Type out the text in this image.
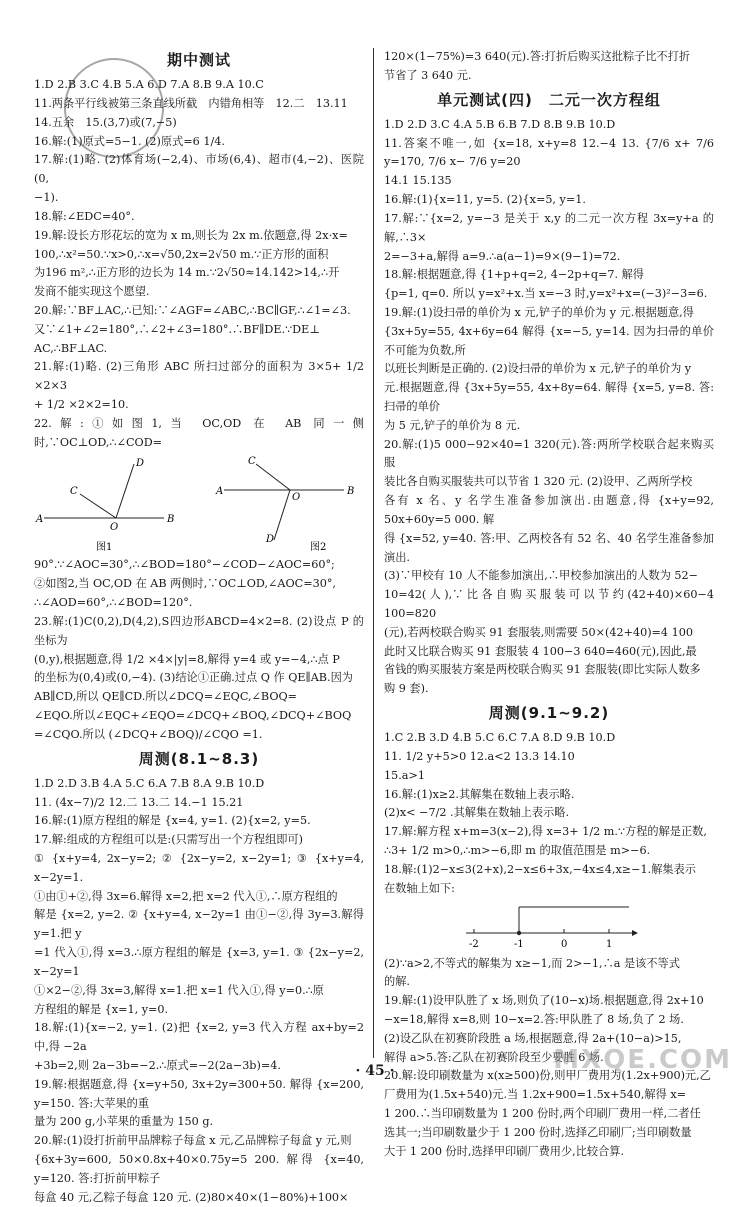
期中测试

1.D 2.B 3.C 4.B 5.A 6.D 7.A 8.B 9.A 10.C

11.两条平行线被第三条直线所截　内错角相等　12.二　13.11

14.五余　15.(3,7)或(7,−5)

16.解:(1)原式=5−1. (2)原式=6 1/4.

17.解:(1)略. (2)体育场(−2,4)、市场(6,4)、超市(4,−2)、医院(0,

−1).

18.解:∠EDC=40°.

19.解:设长方形花坛的宽为 x m,则长为 2x m.依题意,得 2x·x=

100,∴x²=50.∵x>0,∴x=√50,2x=2√50 m.∵正方形的面积

为196 m²,∴正方形的边长为 14 m.∵2√50≈14.142>14,∴开

发商不能实现这个愿望.

20.解:∵BF⊥AC,∴已知:∵∠AGF=∠ABC,∴BC∥GF,∴∠1=∠3.

又∵∠1+∠2=180°,∴∠2+∠3=180°.∴BF∥DE.∵DE⊥

AC,∴BF⊥AC.

21.解:(1)略. (2)三角形 ABC 所扫过部分的面积为 3×5+ 1/2 ×2×3

+ 1/2 ×2×2=10.

22.解:①如图1,当 OC,OD 在 AB 同一侧时,∵OC⊥OD,∴∠COD=

C
D
A
O
B
图1
C
A
O
B
D
图2

90°.∵∠AOC=30°,∴∠BOD=180°−∠COD−∠AOC=60°;

②如图2,当 OC,OD 在 AB 两侧时,∵OC⊥OD,∠AOC=30°,

∴∠AOD=60°,∴∠BOD=120°.

23.解:(1)C(0,2),D(4,2),S四边形ABCD=4×2=8. (2)设点 P 的坐标为

(0,y),根据题意,得 1/2 ×4×|y|=8,解得 y=4 或 y=−4,∴点 P

的坐标为(0,4)或(0,−4). (3)结论①正确.过点 Q 作 QE∥AB.因为

AB∥CD,所以 QE∥CD.所以∠DCQ=∠EQC,∠BOQ=

∠EQO.所以∠EQC+∠EQO=∠DCQ+∠BOQ,∠DCQ+∠BOQ

=∠CQO.所以 (∠DCQ+∠BOQ)/∠CQO =1.

周测(8.1~8.3)

1.D 2.D 3.B 4.A 5.C 6.A 7.B 8.A 9.B 10.D

11. (4x−7)/2 12.二 13.二 14.−1 15.21

16.解:(1)原方程组的解是 {x=4, y=1. (2){x=2, y=5.

17.解:组成的方程组可以是:(只需写出一个方程组即可)

① {x+y=4, 2x−y=2; ② {2x−y=2, x−2y=1; ③ {x+y=4, x−2y=1.

①由①+②,得 3x=6.解得 x=2,把 x=2 代入①,∴原方程组的

解是 {x=2, y=2. ② {x+y=4, x−2y=1 由①−②,得 3y=3.解得 y=1.把 y

=1 代入①,得 x=3.∴原方程组的解是 {x=3, y=1. ③ {2x−y=2, x−2y=1

①×2−②,得 3x=3,解得 x=1.把 x=1 代入①,得 y=0.∴原

方程组的解是 {x=1, y=0.

18.解:(1){x=−2, y=1. (2)把 {x=2, y=3 代入方程 ax+by=2 中,得 −2a

+3b=2,则 2a−3b=−2.∴原式=−2(2a−3b)=4.

19.解:根据题意,得 {x=y+50, 3x+2y=300+50. 解得 {x=200, y=150. 答:大苹果的重

量为 200 g,小苹果的重量为 150 g.

20.解:(1)设打折前甲品牌粽子每盒 x 元,乙品牌粽子每盒 y 元,则

{6x+3y=600, 50×0.8x+40×0.75y=5 200. 解得 {x=40, y=120. 答:打折前甲粽子

每盒 40 元,乙粽子每盒 120 元. (2)80×40×(1−80%)+100×

120×(1−75%)=3 640(元).答:打折后购买这批粽子比不打折

节省了 3 640 元.

单元测试(四)　二元一次方程组

1.D 2.D 3.C 4.A 5.B 6.B 7.D 8.B 9.B 10.D

11.答案不唯一,如 {x=18, x+y=8 12.−4 13. {7/6 x+ 7/6 y=170, 7/6 x− 7/6 y=20

14.1 15.135

16.解:(1){x=11, y=5. (2){x=5, y=1.

17.解:∵{x=2, y=−3 是关于 x,y 的二元一次方程 3x=y+a 的解,∴3×

2=−3+a,解得 a=9.∴a(a−1)=9×(9−1)=72.

18.解:根据题意,得 {1+p+q=2, 4−2p+q=7. 解得

{p=1, q=0. 所以 y=x²+x.当 x=−3 时,y=x²+x=(−3)²−3=6.

19.解:(1)设扫帚的单价为 x 元,铲子的单价为 y 元.根据题意,得

{3x+5y=55, 4x+6y=64 解得 {x=−5, y=14. 因为扫帚的单价不可能为负数,所

以班长判断是正确的. (2)设扫帚的单价为 x 元,铲子的单价为 y

元.根据题意,得 {3x+5y=55, 4x+8y=64. 解得 {x=5, y=8. 答:扫帚的单价

为 5 元,铲子的单价为 8 元.

20.解:(1)5 000−92×40=1 320(元).答:两所学校联合起来购买服

装比各自购买服装共可以节省 1 320 元. (2)设甲、乙两所学校

各有 x 名、y 名学生准备参加演出.由题意,得 {x+y=92, 50x+60y=5 000. 解

得 {x=52, y=40. 答:甲、乙两校各有 52 名、40 名学生准备参加演出.

(3)∵甲校有 10 人不能参加演出,∴甲校参加演出的人数为 52−

10=42(人),∵比各自购买服装可以节约(42+40)×60−4 100=820

(元),若两校联合购买 91 套服装,则需要 50×(42+40)=4 100

此时又比联合购买 91 套服装 4 100−3 640=460(元),因此,最

省钱的购买服装方案是两校联合购买 91 套服装(即比实际人数多

购 9 套).

周测(9.1~9.2)

1.C 2.B 3.D 4.B 5.C 6.C 7.A 8.D 9.B 10.D

11. 1/2 y+5>0 12.a<2 13.3 14.10

15.a>1

16.解:(1)x≥2.其解集在数轴上表示略.

(2)x< −7/2 .其解集在数轴上表示略.

17.解:解方程 x+m=3(x−2),得 x=3+ 1/2 m.∵方程的解是正数,

∴3+ 1/2 m>0,∴m>−6,即 m 的取值范围是 m>−6.

18.解:(1)2−x≤3(2+x),2−x≤6+3x,−4x≤4,x≥−1.解集表示

在数轴上如下:

-2	-1	0	1

(2)∵a>2,不等式的解集为 x≥−1,而 2>−1,∴a 是该不等式

的解.

19.解:(1)设甲队胜了 x 场,则负了(10−x)场.根据题意,得 2x+10

−x=18,解得 x=8,则 10−x=2.答:甲队胜了 8 场,负了 2 场.

(2)设乙队在初赛阶段胜 a 场,根据题意,得 2a+(10−a)>15,

解得 a>5.答:乙队在初赛阶段至少要胜 6 场.

20.解:设印刷数量为 x(x≥500)份,则甲厂费用为(1.2x+900)元,乙

厂费用为(1.5x+540)元.当 1.2x+900=1.5x+540,解得 x=

1 200.∴当印刷数量为 1 200 份时,两个印刷厂费用一样,二者任

选其一;当印刷数量少于 1 200 份时,选择乙印刷厂;当印刷数量

大于 1 200 份时,选择甲印刷厂费用少,比较合算.

· 45 ·	MXQE.COM
